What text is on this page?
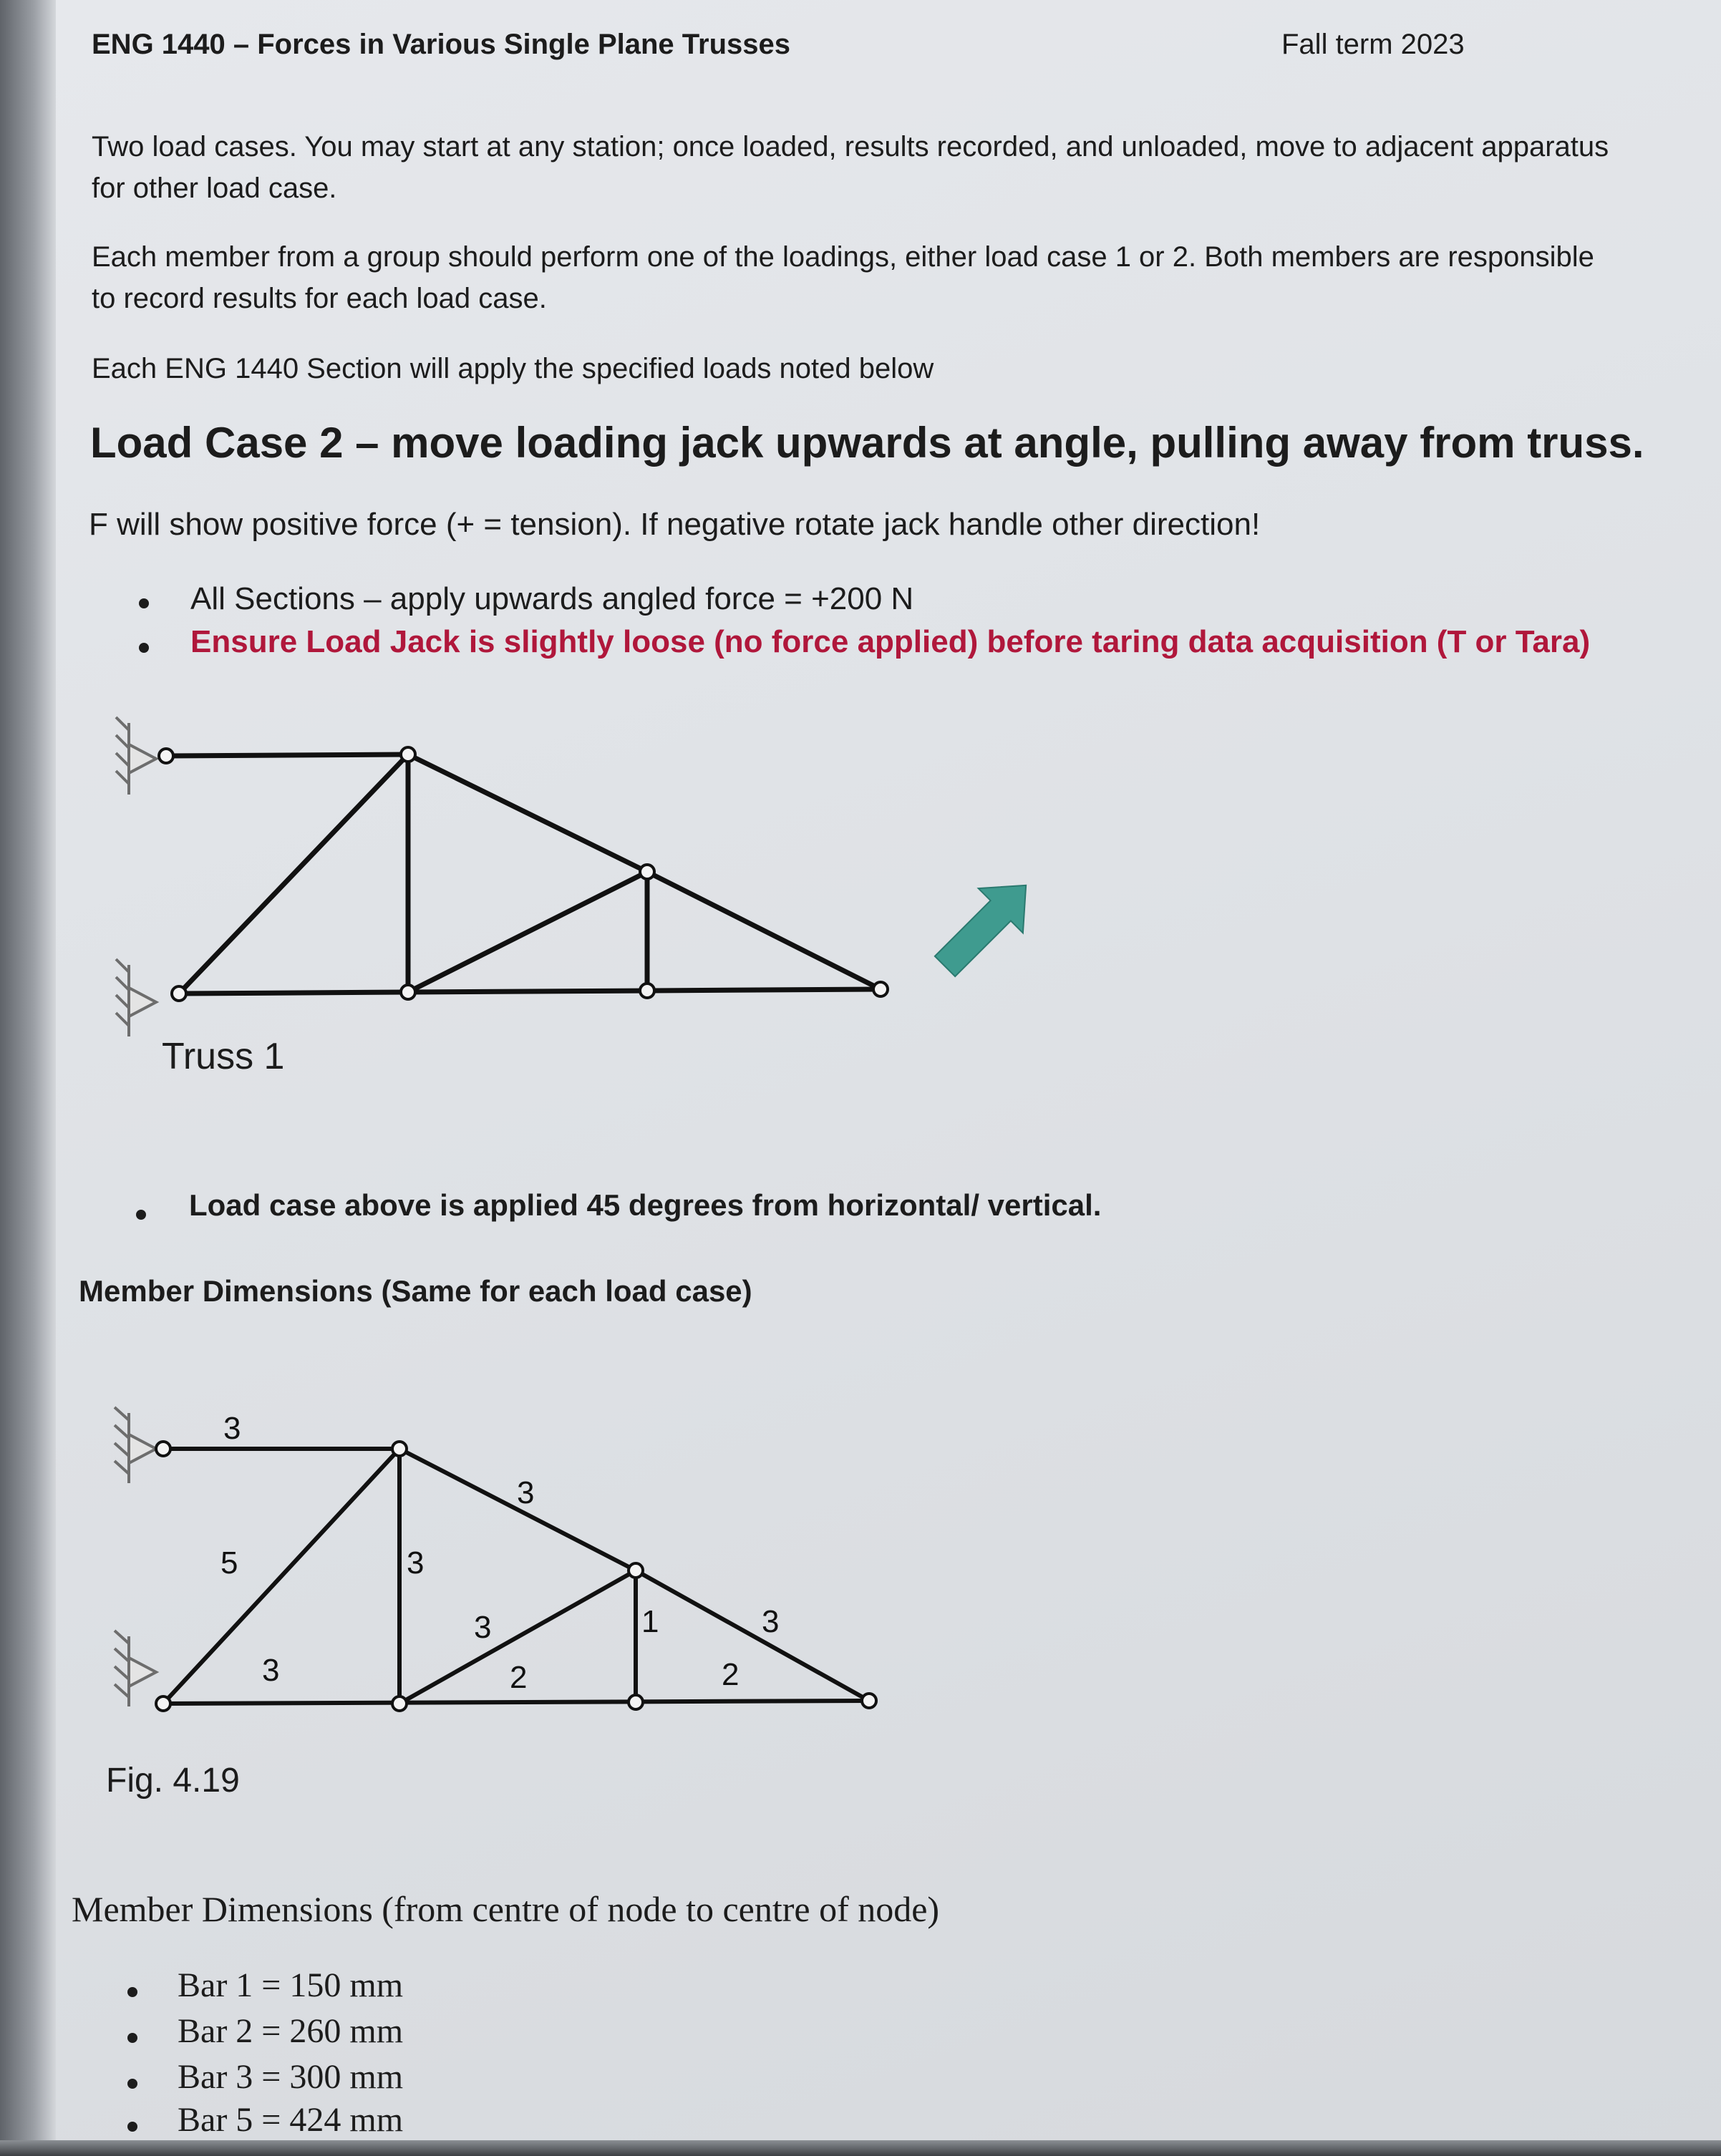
ENG 1440 – Forces in Various Single Plane Trusses	Fall term 2023
Two load cases. You may start at any station; once loaded, results recorded, and unloaded, move to adjacent apparatus
for other load case.
Each member from a group should perform one of the loadings, either load case 1 or 2. Both members are responsible
to record results for each load case.
Each ENG 1440 Section will apply the specified loads noted below
Load Case 2 – move loading jack upwards at angle, pulling away from truss.
F will show positive force (+ = tension). If negative rotate jack handle other direction!
All Sections – apply upwards angled force = +200 N
Ensure Load Jack is slightly loose (no force applied) before taring data acquisition (T or Tara)
Truss 1
Load case above is applied 45 degrees from horizontal/ vertical.
Member Dimensions (Same for each load case)
3
3
5	3
3
3	1	3
2	2
Fig. 4.19
Member Dimensions (from centre of node to centre of node)
Bar 1 = 150 mm
Bar 2 = 260 mm
Bar 3 = 300 mm
Bar 5 = 424 mm
